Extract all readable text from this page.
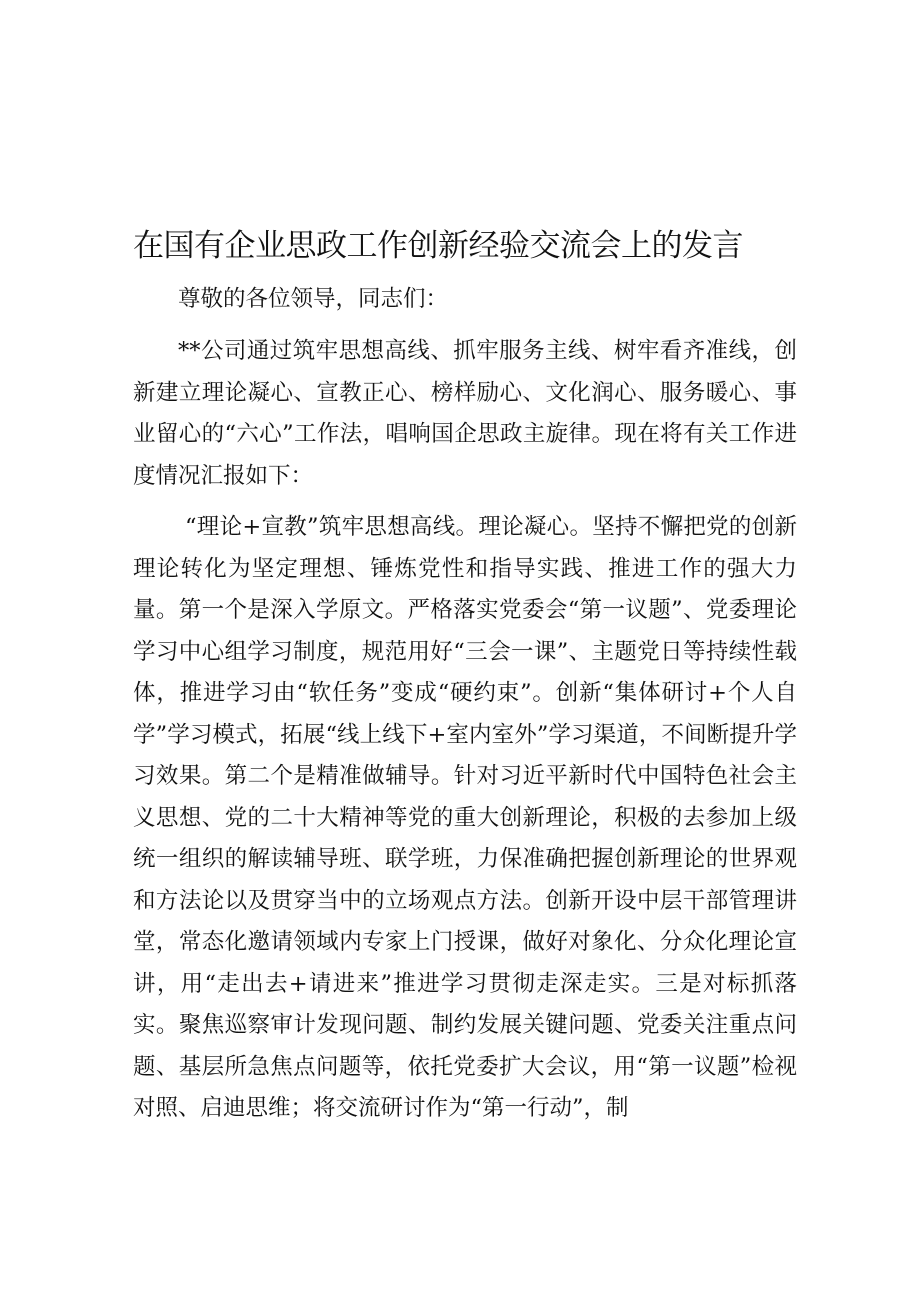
在国有企业思政工作创新经验交流会上的发言

尊敬的各位领导，同志们：

**公司通过筑牢思想高线、抓牢服务主线、树牢看齐准线，创新建立理论凝心、宣教正心、榜样励心、文化润心、服务暖心、事业留心的“六心”工作法，唱响国企思政主旋律。现在将有关工作进度情况汇报如下：

“理论+宣教”筑牢思想高线。理论凝心。坚持不懈把党的创新理论转化为坚定理想、锤炼党性和指导实践、推进工作的强大力量。第一个是深入学原文。严格落实党委会“第一议题”、党委理论学习中心组学习制度，规范用好“三会一课”、主题党日等持续性载体，推进学习由“软任务”变成“硬约束”。创新“集体研讨+个人自学”学习模式，拓展“线上线下+室内室外”学习渠道，不间断提升学习效果。第二个是精准做辅导。针对习近平新时代中国特色社会主义思想、党的二十大精神等党的重大创新理论，积极的去参加上级统一组织的解读辅导班、联学班，力保准确把握创新理论的世界观和方法论以及贯穿当中的立场观点方法。创新开设中层干部管理讲堂，常态化邀请领域内专家上门授课，做好对象化、分众化理论宣讲，用“走出去+请进来”推进学习贯彻走深走实。三是对标抓落实。聚焦巡察审计发现问题、制约发展关键问题、党委关注重点问题、基层所急焦点问题等，依托党委扩大会议，用“第一议题”检视对照、启迪思维；将交流研讨作为“第一行动”，制
